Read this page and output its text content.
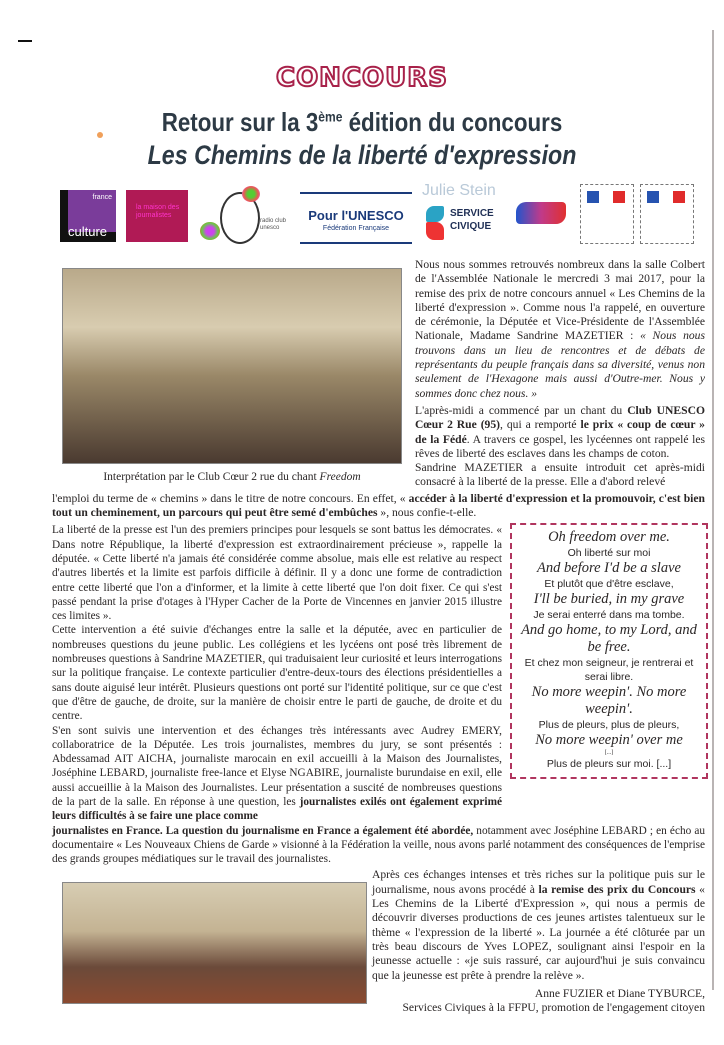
CONCOURS
Retour sur la 3ème édition du concours
Les Chemins de la liberté d'expression
france
culture
la maison des journalistes
radio club unesco
Pour l'UNESCO
Fédération Française
Julie Stein
SERVICE
CIVIQUE
Interprétation par le Club Cœur 2 rue du chant Freedom

Nous nous sommes retrouvés nombreux dans la salle Colbert de l'Assemblée Nationale le mercredi 3 mai 2017, pour la remise des prix de notre concours annuel « Les Chemins de la liberté d'expression ». Comme nous l'a rappelé, en ouverture de cérémonie, la Députée et Vice-Présidente de l'Assemblée Nationale, Madame Sandrine MAZETIER : « Nous nous trouvons dans un lieu de rencontres et de débats de représentants du peuple français dans sa diversité, venus non seulement de l'Hexagone mais aussi d'Outre-mer. Nous y sommes donc chez nous. »

L'après-midi a commencé par un chant du Club UNESCO Cœur 2 Rue (95), qui a remporté le prix « coup de cœur » de la Fédé. A travers ce gospel, les lycéennes ont rappelé les rêves de liberté des esclaves dans les champs de coton.

Sandrine MAZETIER a ensuite introduit cet après-midi consacré à la liberté de la presse. Elle a d'abord relevé

l'emploi du terme de « chemins » dans le titre de notre concours. En effet, « accéder à la liberté d'expression et la promouvoir, c'est bien tout un cheminement, un parcours qui peut être semé d'embûches », nous confie-t-elle.

La liberté de la presse est l'un des premiers principes pour lesquels se sont battus les démocrates. « Dans notre République, la liberté d'expression est extraordinairement précieuse », rappelle la députée. « Cette liberté n'a jamais été considérée comme absolue, mais elle est relative au respect d'autres libertés et la limite est parfois difficile à définir. Il y a donc une forme de contradiction entre cette liberté que l'on a d'informer, et la limite à cette liberté que l'on doit fixer. Ce qui s'est passé pendant la prise d'otages à l'Hyper Cacher de la Porte de Vincennes en janvier 2015 illustre ces limites ».

Cette intervention a été suivie d'échanges entre la salle et la députée, avec en particulier de nombreuses questions du jeune public. Les collégiens et les lycéens ont posé très librement de nombreuses questions à Sandrine MAZETIER, qui traduisaient leur curiosité et leurs interrogations sur la politique française. Le contexte particulier d'entre-deux-tours des élections présidentielles a sans doute aiguisé leur intérêt. Plusieurs questions ont porté sur l'identité politique, sur ce que c'est que d'être de gauche, de droite, sur la manière de choisir entre le parti de gauche, de droite et du centre.

S'en sont suivis une intervention et des échanges très intéressants avec Audrey EMERY, collaboratrice de la Députée. Les trois journalistes, membres du jury, se sont présentés : Abdessamad AIT AICHA, journaliste marocain en exil accueilli à la Maison des Journalistes, Joséphine LEBARD, journaliste free-lance et Elyse NGABIRE, journaliste burundaise en exil, elle aussi accueillie à la Maison des Journalistes. Leur présentation a suscité de nombreuses questions de la part de la salle. En réponse à une question, les journalistes exilés ont également exprimé leurs difficultés à se faire une place comme

Oh freedom over me.
Oh liberté sur moi
And before I'd be a slave
Et plutôt que d'être esclave,
I'll be buried, in my grave
Je serai enterré dans ma tombe.
And go home, to my Lord, and be free.
Et chez mon seigneur, je rentrerai et serai libre.
No more weepin'. No more weepin'.
Plus de pleurs, plus de pleurs,
No more weepin' over me
[...]
Plus de pleurs sur moi. [...]
journalistes en France. La question du journalisme en France a également été abordée, notamment avec Joséphine LEBARD ; en écho au documentaire « Les Nouveaux Chiens de Garde » visionné à la Fédération la veille, nous avons parlé notamment des conséquences de l'emprise des grands groupes médiatiques sur le travail des journalistes.

Après ces échanges intenses et très riches sur la politique puis sur le journalisme, nous avons procédé à la remise des prix du Concours « Les Chemins de la Liberté d'Expression », qui nous a permis de découvrir diverses productions de ces jeunes artistes talentueux sur le thème « l'expression de la liberté ». La journée a été clôturée par un très beau discours de Yves LOPEZ, soulignant ainsi l'espoir en la jeunesse actuelle : «je suis rassuré, car aujourd'hui je suis convaincu que la jeunesse est prête à prendre la relève ».

Anne FUZIER et Diane TYBURCE,

Services Civiques à la FFPU, promotion de l'engagement citoyen
